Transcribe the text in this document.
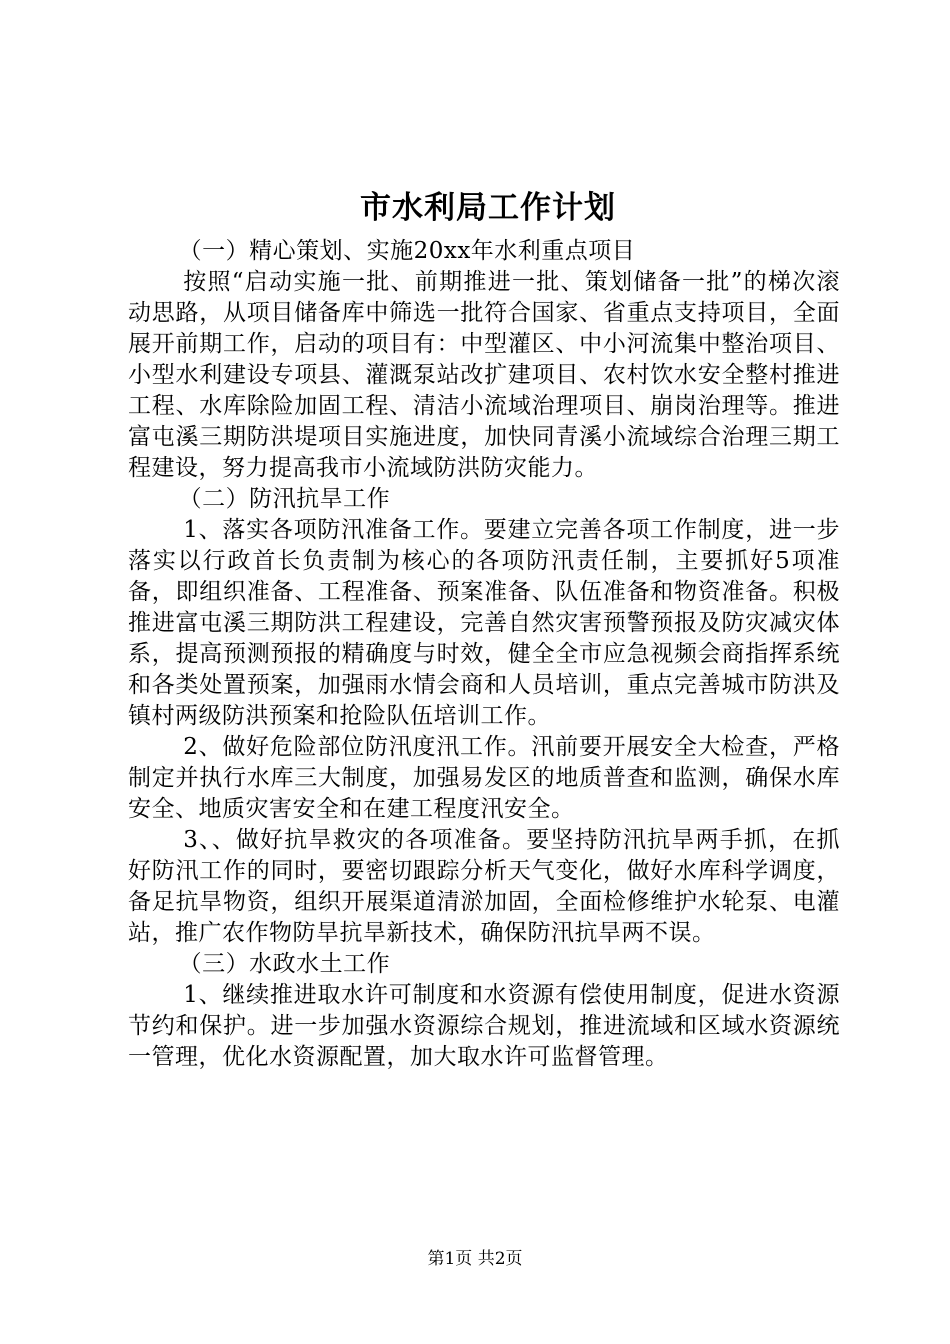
市水利局工作计划

（一）精心策划、实施20xx年水利重点项目

按照“启动实施一批、前期推进一批、策划储备一批”的梯次滚动思路，从项目储备库中筛选一批符合国家、省重点支持项目，全面展开前期工作，启动的项目有：中型灌区、中小河流集中整治项目、小型水利建设专项县、灌溉泵站改扩建项目、农村饮水安全整村推进工程、水库除险加固工程、清洁小流域治理项目、崩岗治理等。推进富屯溪三期防洪堤项目实施进度，加快同青溪小流域综合治理三期工程建设，努力提高我市小流域防洪防灾能力。

（二）防汛抗旱工作

1、落实各项防汛准备工作。要建立完善各项工作制度，进一步落实以行政首长负责制为核心的各项防汛责任制，主要抓好5项准备，即组织准备、工程准备、预案准备、队伍准备和物资准备。积极推进富屯溪三期防洪工程建设，完善自然灾害预警预报及防灾减灾体系，提高预测预报的精确度与时效，健全全市应急视频会商指挥系统和各类处置预案，加强雨水情会商和人员培训，重点完善城市防洪及镇村两级防洪预案和抢险队伍培训工作。

2、做好危险部位防汛度汛工作。汛前要开展安全大检查，严格制定并执行水库三大制度，加强易发区的地质普查和监测，确保水库安全、地质灾害安全和在建工程度汛安全。

3、、做好抗旱救灾的各项准备。要坚持防汛抗旱两手抓，在抓好防汛工作的同时，要密切跟踪分析天气变化，做好水库科学调度，备足抗旱物资，组织开展渠道清淤加固，全面检修维护水轮泵、电灌站，推广农作物防旱抗旱新技术，确保防汛抗旱两不误。

（三）水政水土工作

1、继续推进取水许可制度和水资源有偿使用制度，促进水资源节约和保护。进一步加强水资源综合规划，推进流域和区域水资源统一管理，优化水资源配置，加大取水许可监督管理。

第1页 共2页
